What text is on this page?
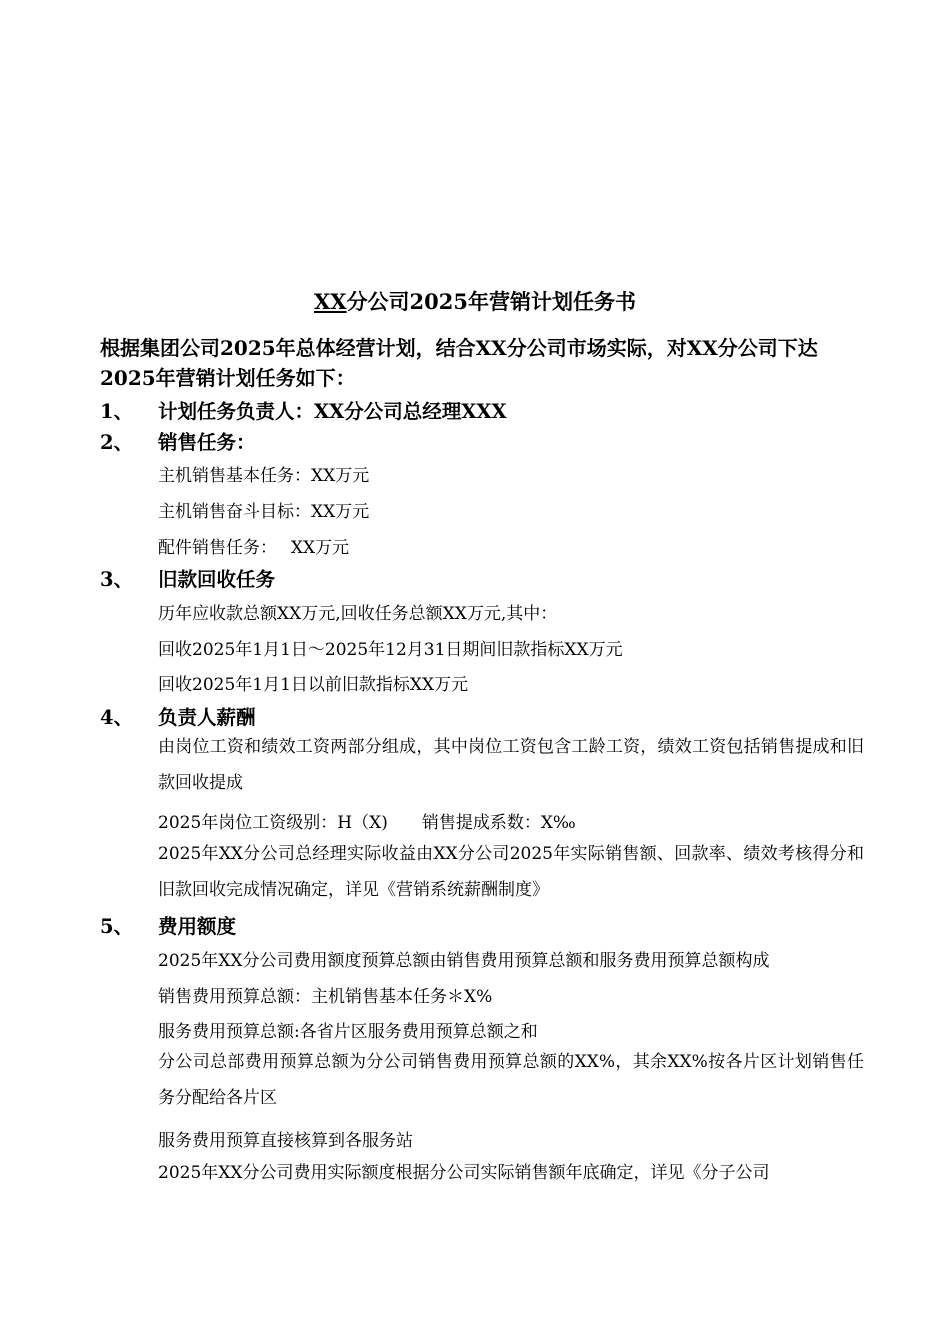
XX分公司2025年营销计划任务书
根据集团公司2025年总体经营计划，结合XX分公司市场实际，对XX分公司下达2025年营销计划任务如下：
1、	计划任务负责人：XX分公司总经理XXX
2、	销售任务：
主机销售基本任务：XX万元
主机销售奋斗目标：XX万元
配件销售任务：　 XX万元
3、	旧款回收任务
历年应收款总额XX万元,回收任务总额XX万元,其中：
回收2025年1月1日～2025年12月31日期间旧款指标XX万元
回收2025年1月1日以前旧款指标XX万元
4、	负责人薪酬
由岗位工资和绩效工资两部分组成，其中岗位工资包含工龄工资，绩效工资包括销售提成和旧款回收提成
2025年岗位工资级别：H（X)　　销售提成系数：X‰
2025年XX分公司总经理实际收益由XX分公司2025年实际销售额、回款率、绩效考核得分和旧款回收完成情况确定，详见《营销系统薪酬制度》
5、	费用额度
2025年XX分公司费用额度预算总额由销售费用预算总额和服务费用预算总额构成
销售费用预算总额：主机销售基本任务＊X%
服务费用预算总额:各省片区服务费用预算总额之和
分公司总部费用预算总额为分公司销售费用预算总额的XX%，其余XX%按各片区计划销售任务分配给各片区
服务费用预算直接核算到各服务站
2025年XX分公司费用实际额度根据分公司实际销售额年底确定，详见《分子公司
